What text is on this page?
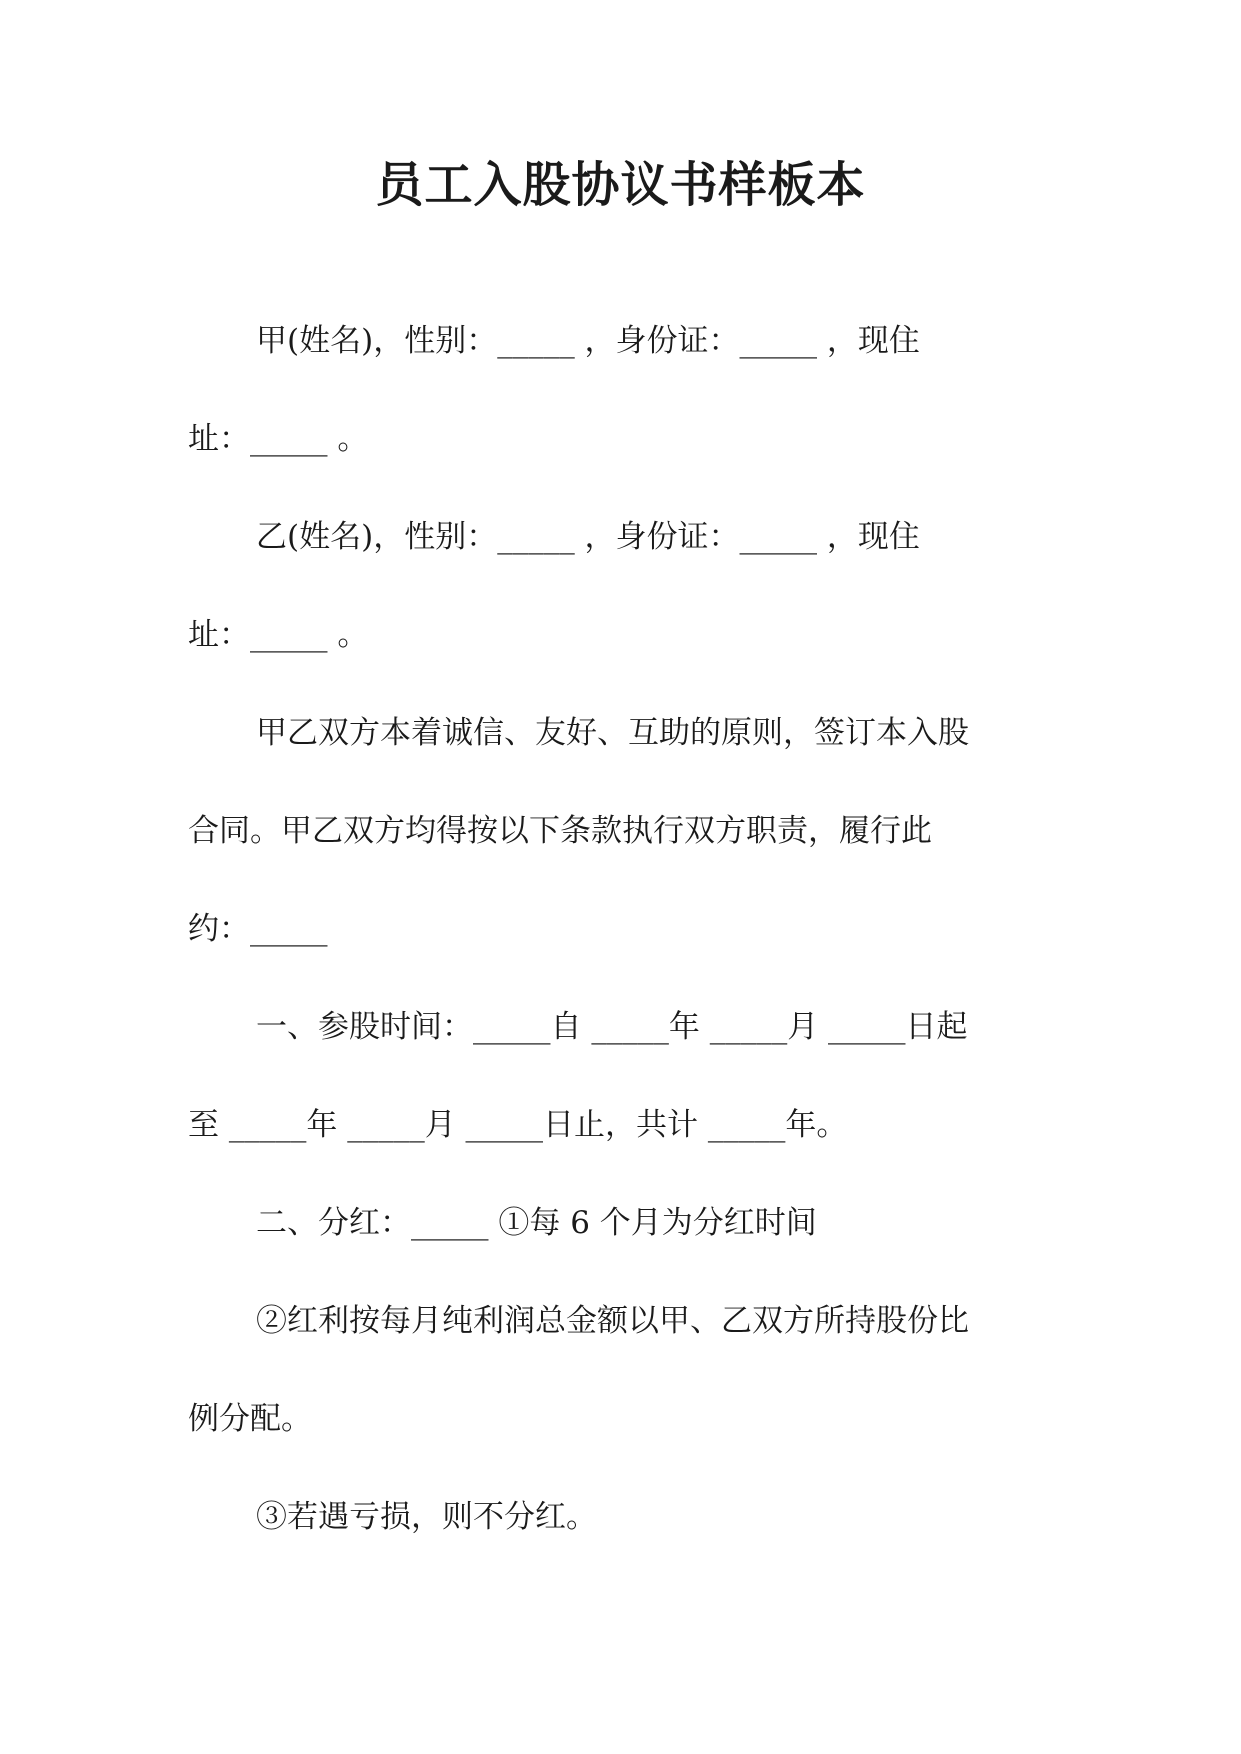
员工入股协议书样板本

甲(姓名)，性别：_____ ，身份证：_____ ，现住
址：_____ 。

乙(姓名)，性别：_____ ，身份证：_____ ，现住
址：_____ 。

甲乙双方本着诚信、友好、互助的原则，签订本入股
合同。甲乙双方均得按以下条款执行双方职责，履行此
约：_____

一、参股时间：_____自 _____年 _____月 _____日起
至 _____年 _____月 _____日止，共计 _____年。

二、分红：_____ ①每 6 个月为分红时间

②红利按每月纯利润总金额以甲、乙双方所持股份比
例分配。

③若遇亏损，则不分红。
